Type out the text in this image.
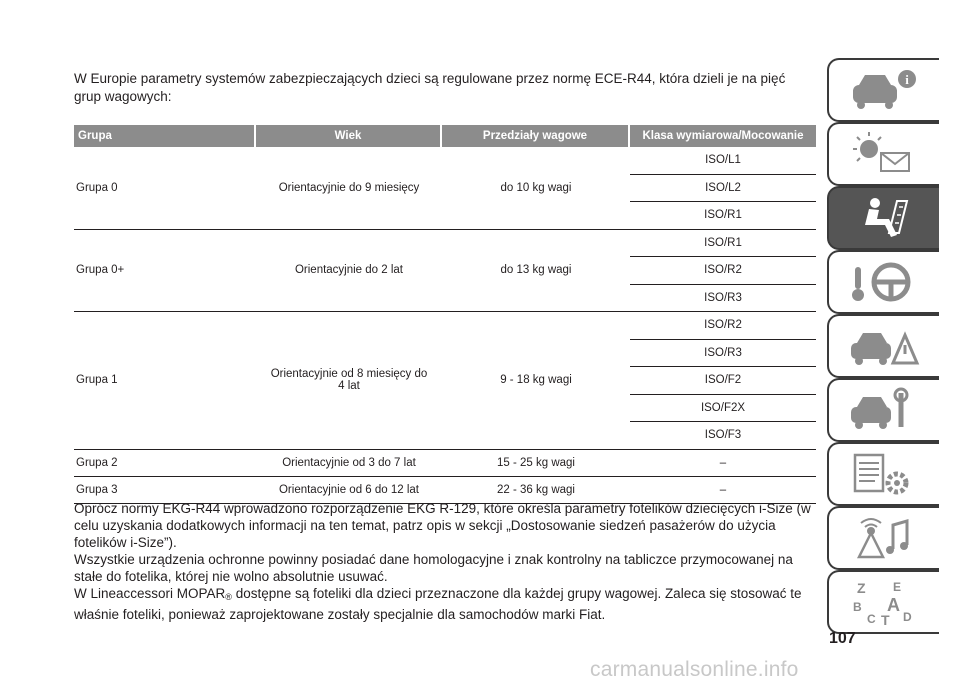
W Europie parametry systemów zabezpieczających dzieci są regulowane przez normę ECE-R44, która dzieli je na pięć grup wagowych:

Grupa	Wiek	Przedziały wagowe	Klasa wymiarowa/Mocowanie
Grupa 0	Orientacyjnie do 9 miesięcy	do 10 kg wagi	ISO/L1
			ISO/L2
			ISO/R1
Grupa 0+	Orientacyjnie do 2 lat	do 13 kg wagi	ISO/R1
			ISO/R2
			ISO/R3
Grupa 1	Orientacyjnie od 8 miesięcy do 4 lat	9 - 18 kg wagi	ISO/R2
			ISO/R3
			ISO/F2
			ISO/F2X
			ISO/F3
Grupa 2	Orientacyjnie od 3 do 7 lat	15 - 25 kg wagi	–
Grupa 3	Orientacyjnie od 6 do 12 lat	22 - 36 kg wagi	–

Oprócz normy EKG-R44 wprowadzono rozporządzenie EKG R-129, które określa parametry fotelików dziecięcych i-Size (w celu uzyskania dodatkowych informacji na ten temat, patrz opis w sekcji „Dostosowanie siedzeń pasażerów do użycia fotelików i-Size”).

Wszystkie urządzenia ochronne powinny posiadać dane homologacyjne i znak kontrolny na tabliczce przymocowanej na stałe do fotelika, której nie wolno absolutnie usuwać.

W Lineaccessori $MOPAR_®$ dostępne są foteliki dla dzieci przeznaczone dla każdej grupy wagowej. Zaleca się stosować te właśnie foteliki, ponieważ zaprojektowane zostały specjalnie dla samochodów marki Fiat.

i
Z E
B A
C T D
107
carmanualsonline.info
